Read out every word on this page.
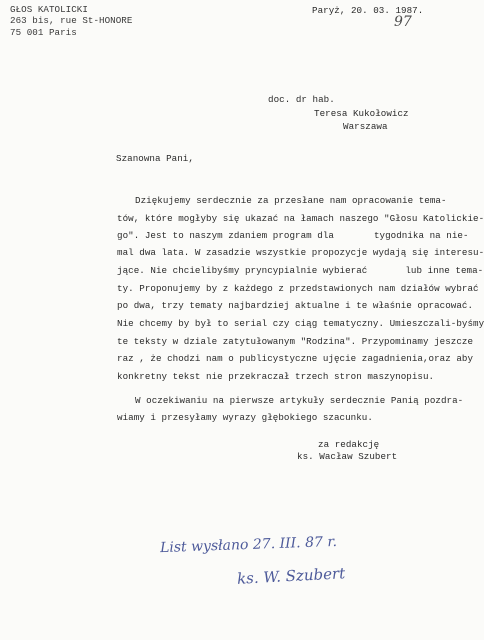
GŁOS KATOLICKI
263 bis, rue St-HONORE
75 001 Paris
Paryż, 20. 03. 1987.
97
doc. dr hab.
Teresa Kukołowicz
Warszawa
Szanowna Pani,
Dziękujemy serdecznie za przesłane nam opracowanie tema-
tów, które mogłyby się ukazać na łamach naszego "Głosu Katolickie-
go". Jest to naszym zdaniem program dla	tygodnika na nie-
mal dwa lata. W zasadzie wszystkie propozycje wydają się interesu-
jące. Nie chcielibyśmy pryncypialnie wybierać	lub inne tema-
ty. Proponujemy by z każdego z przedstawionych nam działów wybrać
po dwa, trzy tematy najbardziej aktualne i te właśnie opracować.
Nie chcemy by był to serial czy ciąg tematyczny. Umieszczali-byśmy
te teksty w dziale zatytułowanym "Rodzina". Przypominamy jeszcze
raz , że chodzi nam o publicystyczne ujęcie zagadnienia,oraz aby
konkretny tekst nie przekraczał trzech stron maszynopisu.
W oczekiwaniu na pierwsze artykuły serdecznie Panią pozdra-
wiamy i przesyłamy wyrazy głębokiego szacunku.
za redakcję
ks. Wacław Szubert
List wysłano 27. III. 87 r.
ks. W. Szubert
